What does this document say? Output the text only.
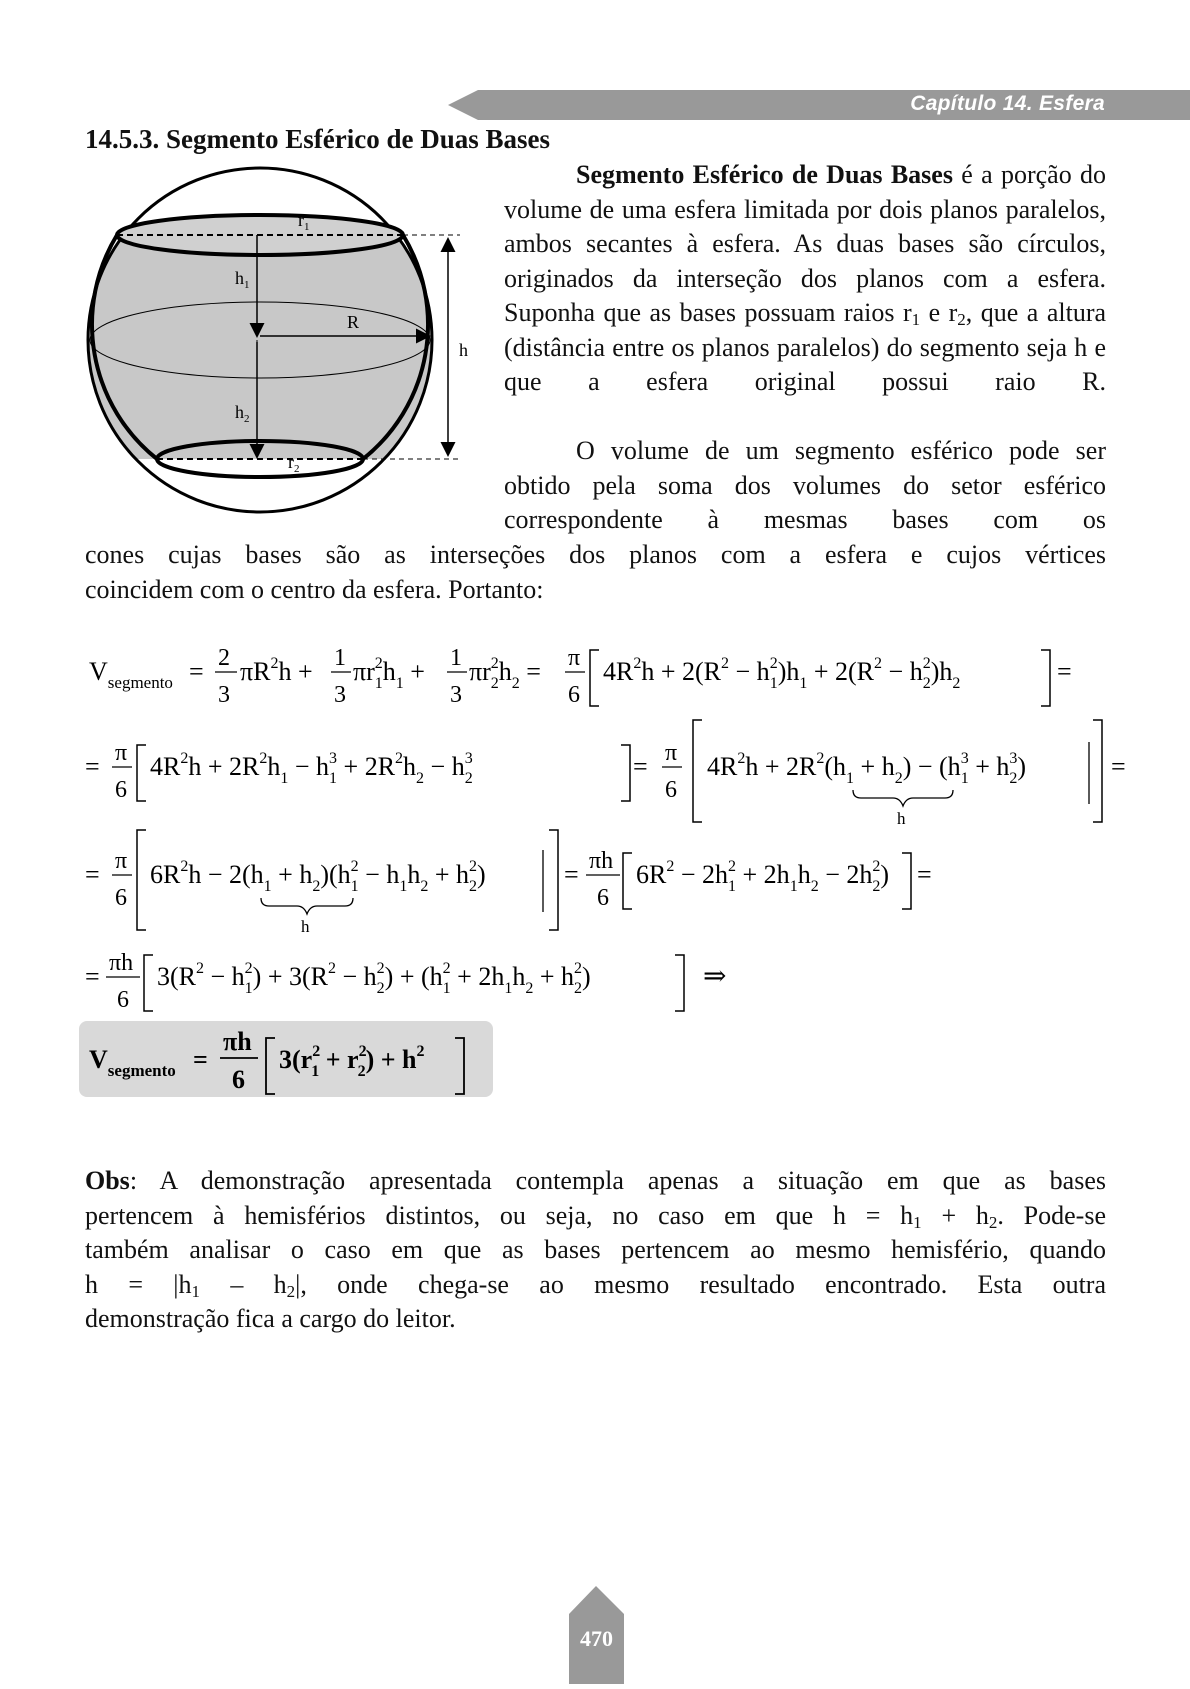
Capítulo 14. Esfera
14.5.3. Segmento Esférico de Duas Bases
$r_1$
$h_1$
R
h
$h_2$
$r_2$
Segmento Esférico de Duas Bases é a porção do volume de uma esfera limitada por dois planos paralelos, ambos secantes à esfera. As duas bases são círculos, originados da interseção dos planos com a esfera. Suponha que as bases possuam raios $r_1$ e $r_2$, que a altura (distância entre os planos paralelos) do segmento seja h e que a esfera original possui raio R.
O volume de um segmento esférico pode ser obtido pela soma dos volumes do setor esférico correspondente à mesmas bases com os
cones cujas bases são as interseções dos planos com a esfera e cujos vértices
coincidem com o centro da esfera. Portanto:
$V_{segmento} = 2$
3
$\pi R^2h + 1$
3
$\pi r^2$ $1h_1 + 1$
3
$\pi r^2$ $2h_2 = \pi$
6
$4R^2h + 2(R^2 - h^2$ $1)h_1 + 2(R^2 - h^2$ $2)h_2$	=
= π
6
$4R^2h + 2R^2h_1 - h^3$ $1 + 2R^2h_2 - h^3$ 2	= π
6
$4R^2h + 2R^2(h_1 + h_2) - (h^3$ $1 + h^3$ 2)
h
=
= π
6
$6R^2h - 2(h_1 + h_2)(h^2$ $1 - h_1h_2 + h^2$ 2)
h
= πh
6
$6R^2 - 2h^2$ $1 + 2h_1h_2 - 2h^2$ 2) =
= πh
6
$3(R^2 - h^2$ $1) + 3(R^2 - h^2$ $2) + (h^2$ $1 + 2h_1h_2 + h^2$ 2)	⇒
$V_{segmento}$ =
πh
6
$3(r^2$ $1 + r^2$ $2) + h^2$
Obs: A demonstração apresentada contempla apenas a situação em que as bases
pertencem à hemisférios distintos, ou seja, no caso em que $h = h_1 + h_2$. Pode-se
também analisar o caso em que as bases pertencem ao mesmo hemisfério, quando
$h = |h_1 - h_2|$, onde chega-se ao mesmo resultado encontrado. Esta outra
demonstração fica a cargo do leitor.
470
